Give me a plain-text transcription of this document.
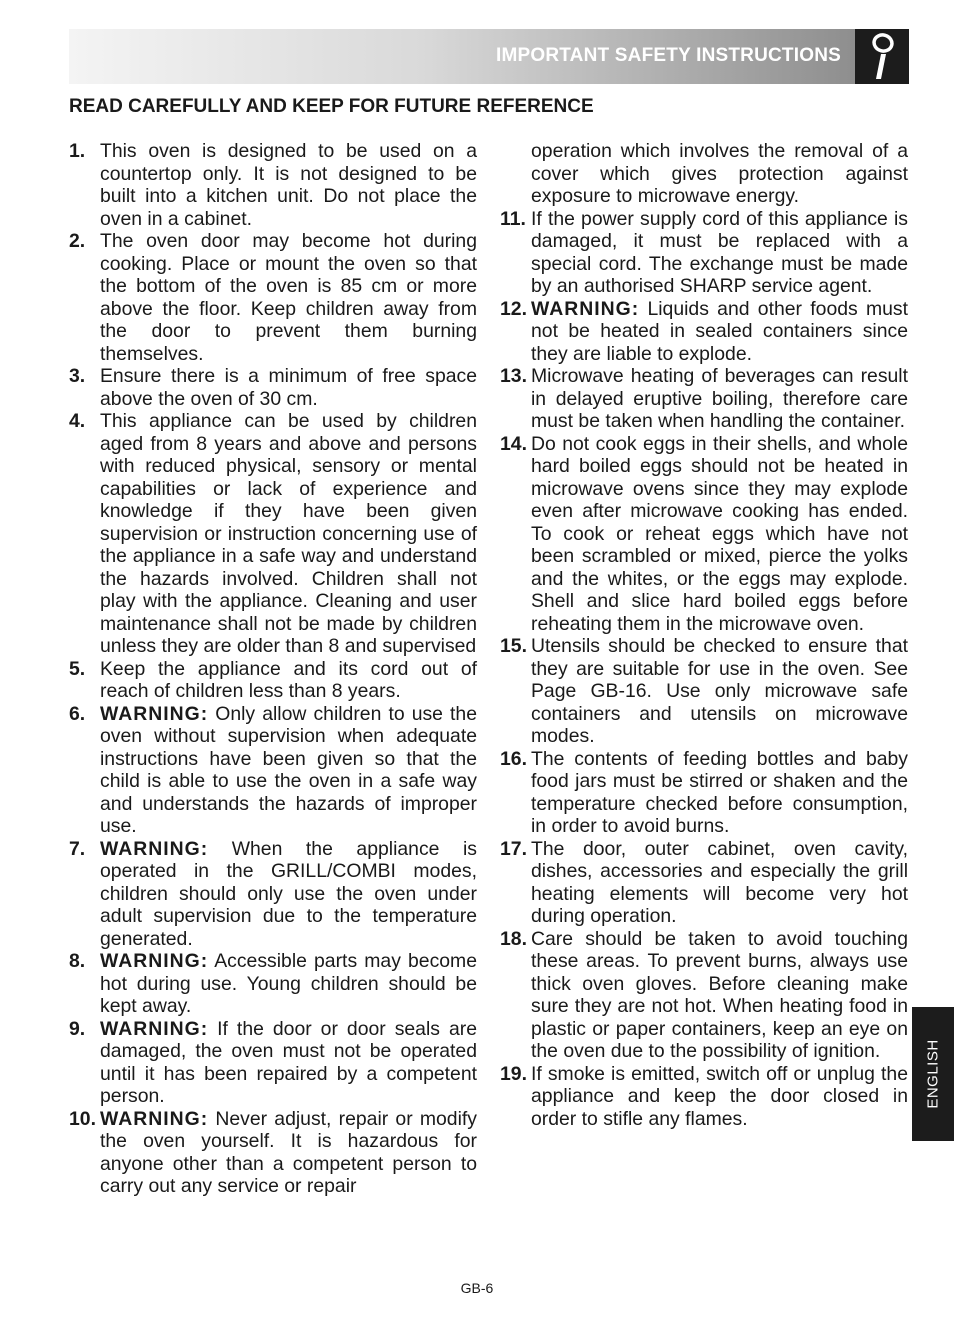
IMPORTANT SAFETY INSTRUCTIONS
READ CAREFULLY AND KEEP FOR FUTURE REFERENCE
1. This oven is designed to be used on a countertop only. It is not designed to be built into a kitchen unit. Do not place the oven in a cabinet.
2. The oven door may become hot during cooking. Place or mount the oven so that the bottom of the oven is 85 cm or more above the floor. Keep children away from the door to prevent them burning themselves.
3. Ensure there is a minimum of free space above the oven of 30 cm.
4. This appliance can be used by children aged from 8 years and above and persons with reduced physical, sensory or mental capabilities or lack of experience and knowledge if they have been given supervision or instruction concerning use of the appliance in a safe way and understand the hazards involved. Children shall not play with the appliance. Cleaning and user maintenance shall not be made by children unless they are older than 8 and supervised
5. Keep the appliance and its cord out of reach of children less than 8 years.
6. WARNING: Only allow children to use the oven without supervision when adequate instructions have been given so that the child is able to use the oven in a safe way and understands the hazards of improper use.
7. WARNING: When the appliance is operated in the GRILL/COMBI modes, children should only use the oven under adult supervision due to the temperature generated.
8. WARNING: Accessible parts may become hot during use. Young children should be kept away.
9. WARNING: If the door or door seals are damaged, the oven must not be operated until it has been repaired by a competent person.
10. WARNING: Never adjust, repair or modify the oven yourself. It is hazardous for anyone other than a competent person to carry out any service or repair
operation which involves the removal of a cover which gives protection against exposure to microwave energy.
11. If the power supply cord of this appliance is damaged, it must be replaced with a special cord. The exchange must be made by an authorised SHARP service agent.
12. WARNING: Liquids and other foods must not be heated in sealed containers since they are liable to explode.
13. Microwave heating of beverages can result in delayed eruptive boiling, therefore care must be taken when handling the container.
14. Do not cook eggs in their shells, and whole hard boiled eggs should not be heated in microwave ovens since they may explode even after microwave cooking has ended. To cook or reheat eggs which have not been scrambled or mixed, pierce the yolks and the whites, or the eggs may explode. Shell and slice hard boiled eggs before reheating them in the microwave oven.
15. Utensils should be checked to ensure that they are suitable for use in the oven. See Page GB-16. Use only microwave safe containers and utensils on microwave modes.
16. The contents of feeding bottles and baby food jars must be stirred or shaken and the temperature checked before consumption, in order to avoid burns.
17. The door, outer cabinet, oven cavity, dishes, accessories and especially the grill heating elements will become very hot during operation.
18. Care should be taken to avoid touching these areas. To prevent burns, always use thick oven gloves. Before cleaning make sure they are not hot. When heating food in plastic or paper containers, keep an eye on the oven due to the possibility of ignition.
19. If smoke is emitted, switch off or unplug the appliance and keep the door closed in order to stifle any flames.
ENGLISH
GB-6
